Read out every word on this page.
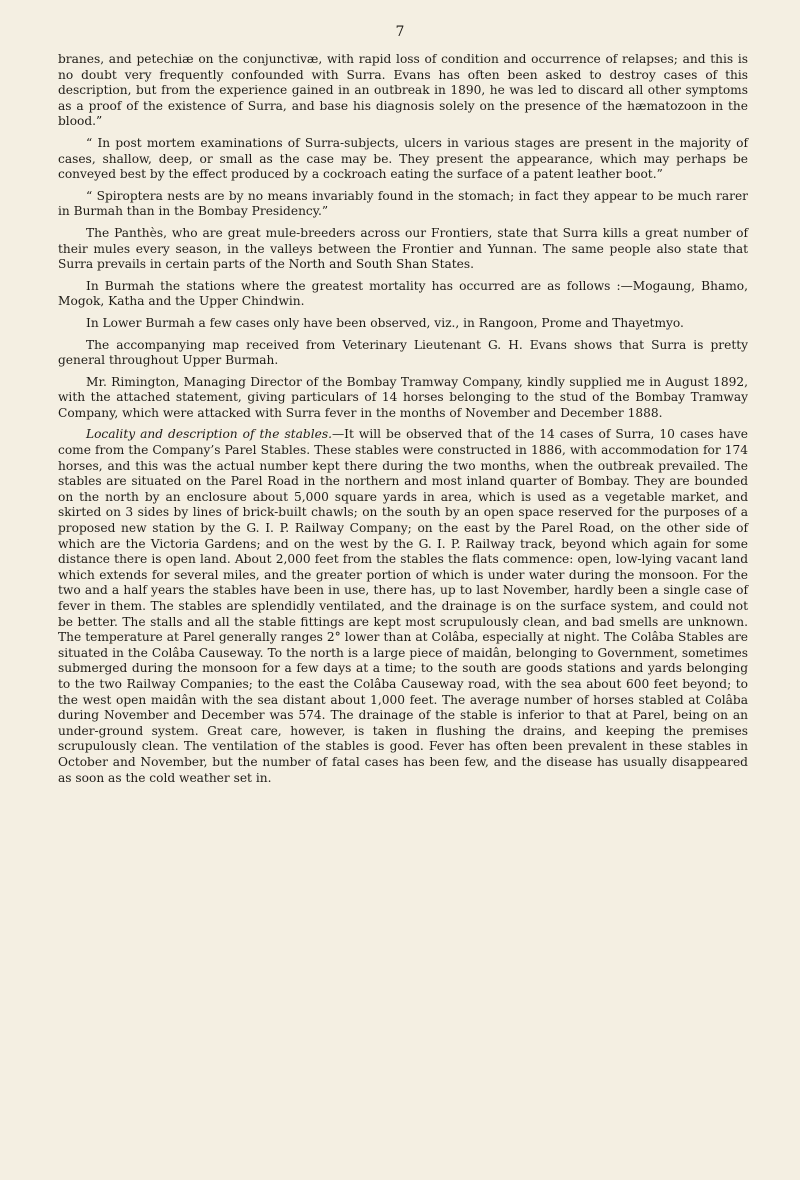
7

branes, and petechiæ on the conjunctivæ, with rapid loss of condition and occurrence of relapses; and this is no doubt very frequently confounded with Surra. Evans has often been asked to destroy cases of this description, but from the experience gained in an outbreak in 1890, he was led to discard all other symptoms as a proof of the existence of Surra, and base his diagnosis solely on the presence of the hæmatozoon in the blood.”

“ In post mortem examinations of Surra-subjects, ulcers in various stages are present in the majority of cases, shallow, deep, or small as the case may be. They present the appearance, which may perhaps be conveyed best by the effect produced by a cockroach eating the surface of a patent leather boot.”

“ Spiroptera nests are by no means invariably found in the stomach; in fact they appear to be much rarer in Burmah than in the Bombay Presidency.”

The Panthès, who are great mule-breeders across our Frontiers, state that Surra kills a great number of their mules every season, in the valleys between the Frontier and Yunnan. The same people also state that Surra prevails in certain parts of the North and South Shan States.

In Burmah the stations where the greatest mortality has occurred are as follows :—Mogaung, Bhamo, Mogok, Katha and the Upper Chindwin.

In Lower Burmah a few cases only have been observed, viz., in Rangoon, Prome and Thayetmyo.

The accompanying map received from Veterinary Lieutenant G. H. Evans shows that Surra is pretty general throughout Upper Burmah.

Mr. Rimington, Managing Director of the Bombay Tramway Company, kindly supplied me in August 1892, with the attached statement, giving particulars of 14 horses belonging to the stud of the Bombay Tramway Company, which were attacked with Surra fever in the months of November and December 1888.

Locality and description of the stables.—It will be observed that of the 14 cases of Surra, 10 cases have come from the Company’s Parel Stables. These stables were constructed in 1886, with accommodation for 174 horses, and this was the actual number kept there during the two months, when the outbreak prevailed. The stables are situated on the Parel Road in the northern and most inland quarter of Bombay. They are bounded on the north by an enclosure about 5,000 square yards in area, which is used as a vegetable market, and skirted on 3 sides by lines of brick-built chawls; on the south by an open space reserved for the purposes of a proposed new station by the G. I. P. Railway Company; on the east by the Parel Road, on the other side of which are the Victoria Gardens; and on the west by the G. I. P. Railway track, beyond which again for some distance there is open land. About 2,000 feet from the stables the flats commence: open, low-lying vacant land which extends for several miles, and the greater portion of which is under water during the monsoon. For the two and a half years the stables have been in use, there has, up to last November, hardly been a single case of fever in them. The stables are splendidly ventilated, and the drainage is on the surface system, and could not be better. The stalls and all the stable fittings are kept most scrupulously clean, and bad smells are unknown. The temperature at Parel generally ranges 2° lower than at Colâba, especially at night. The Colâba Stables are situated in the Colâba Causeway. To the north is a large piece of maidân, belonging to Government, sometimes submerged during the monsoon for a few days at a time; to the south are goods stations and yards belonging to the two Railway Companies; to the east the Colâba Causeway road, with the sea about 600 feet beyond; to the west open maidân with the sea distant about 1,000 feet. The average number of horses stabled at Colâba during November and December was 574. The drainage of the stable is inferior to that at Parel, being on an under-ground system. Great care, however, is taken in flushing the drains, and keeping the premises scrupulously clean. The ventilation of the stables is good. Fever has often been prevalent in these stables in October and November, but the number of fatal cases has been few, and the disease has usually disappeared as soon as the cold weather set in.
